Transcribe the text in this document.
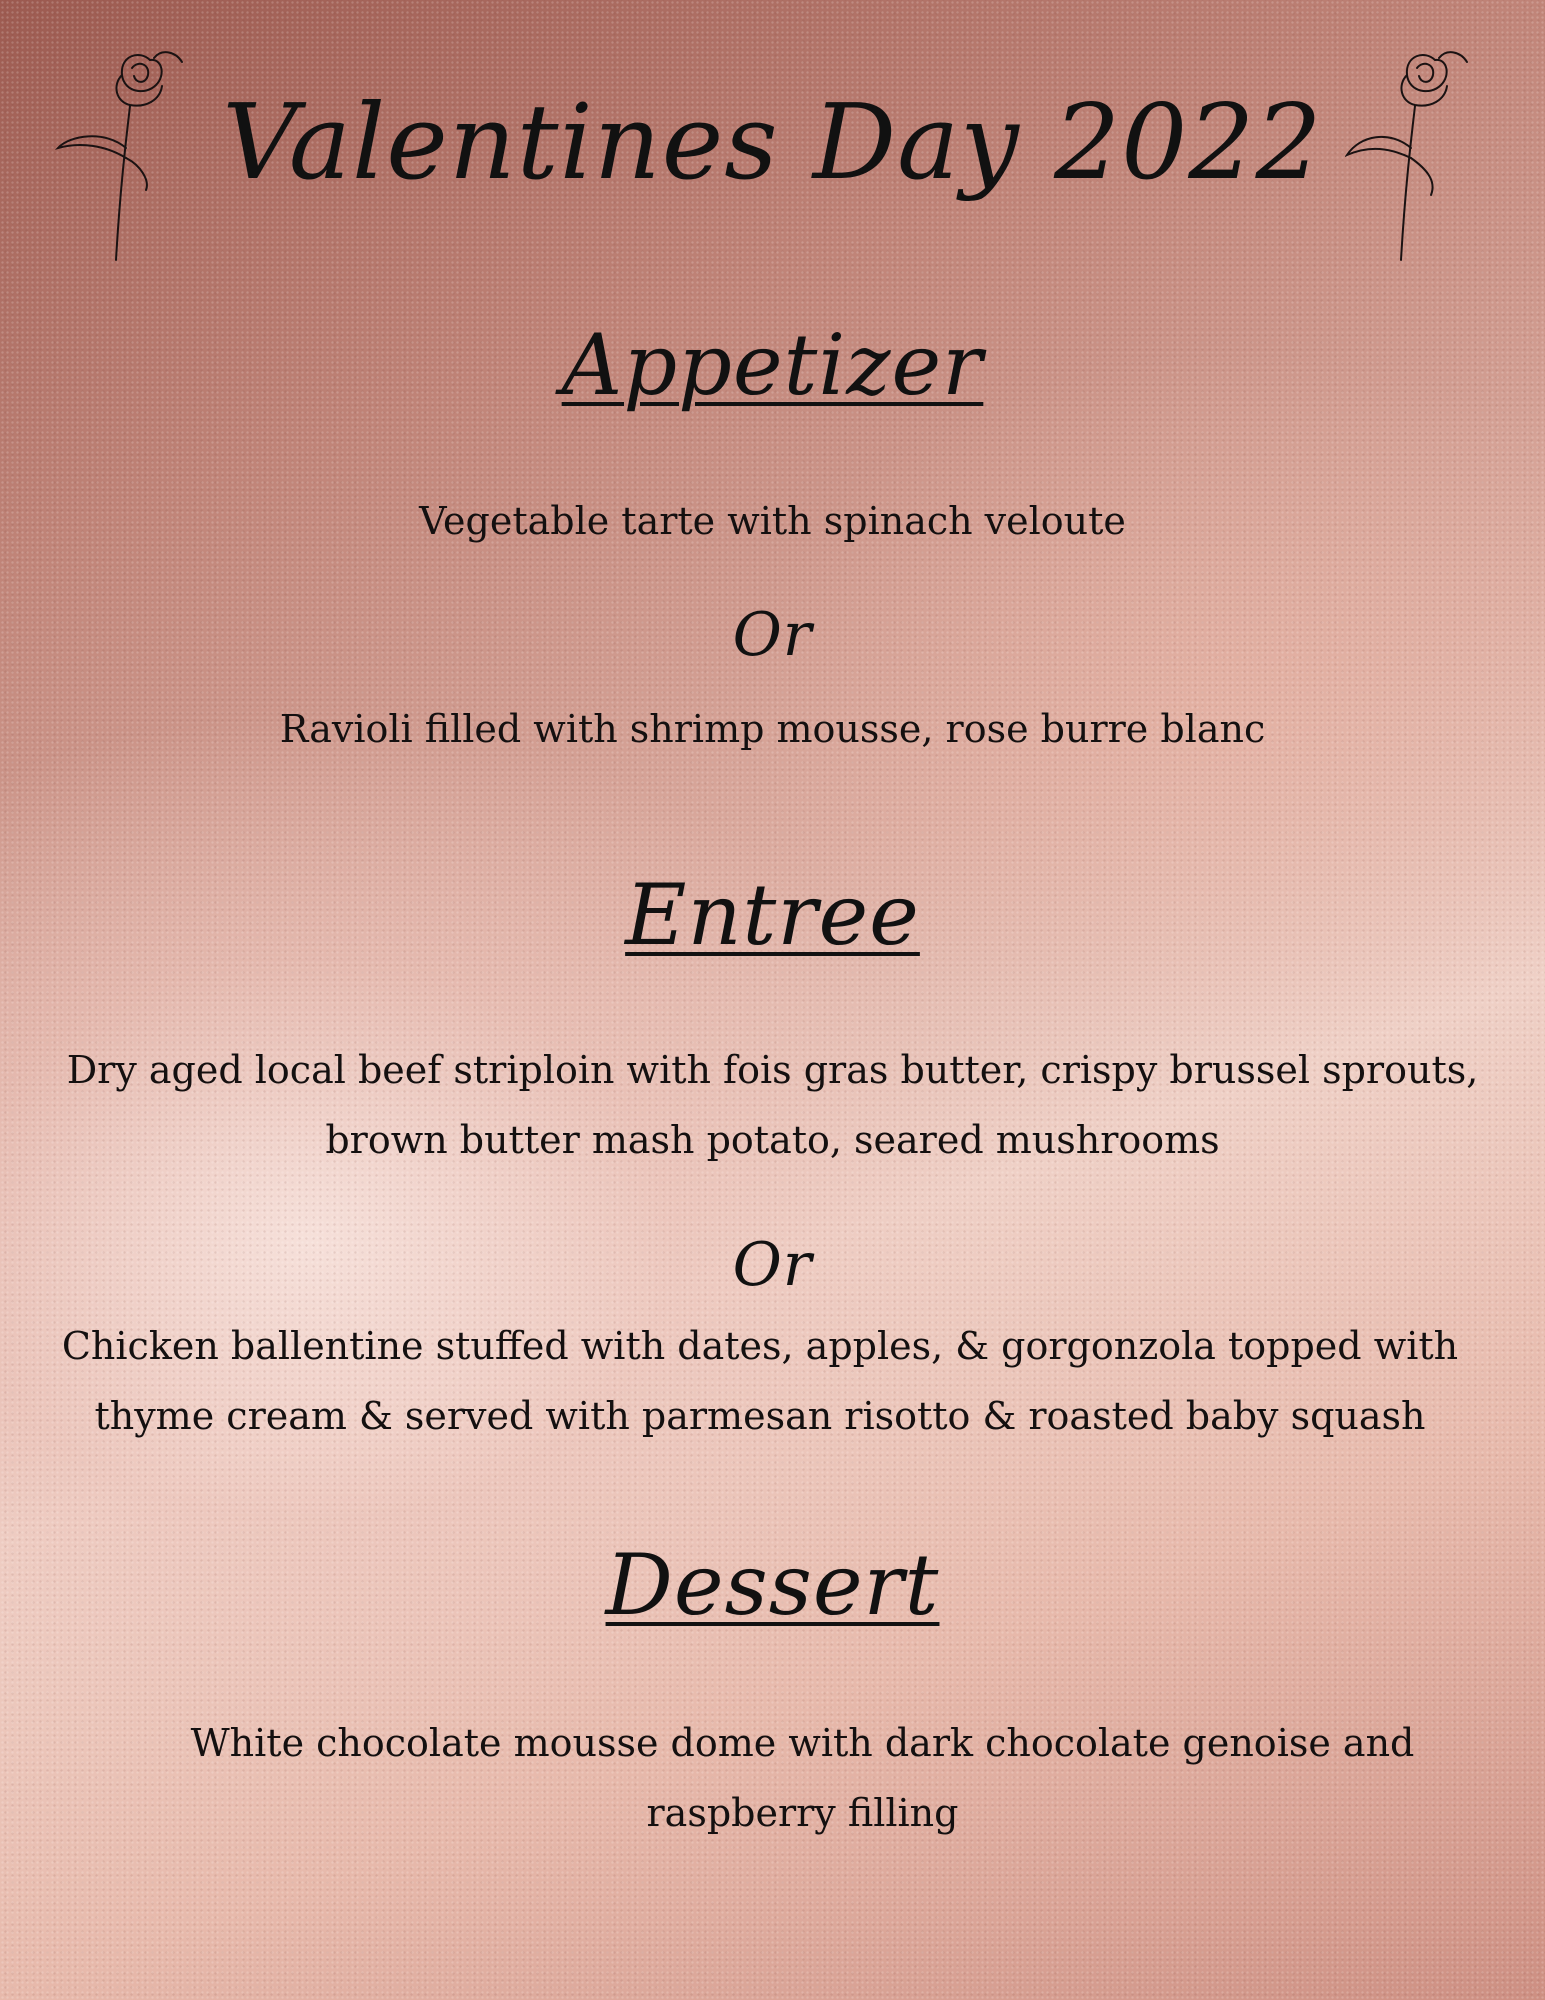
Valentines Day 2022
Appetizer

Vegetable tarte with spinach veloute

Or

Ravioli filled with shrimp mousse, rose burre blanc

Entree

Dry aged local beef striploin with fois gras butter, crispy brussel sprouts, brown butter mash potato, seared mushrooms

Or

Chicken ballentine stuffed with dates, apples, & gorgonzola topped with thyme cream & served with parmesan risotto & roasted baby squash

Dessert

White chocolate mousse dome with dark chocolate genoise and raspberry filling
